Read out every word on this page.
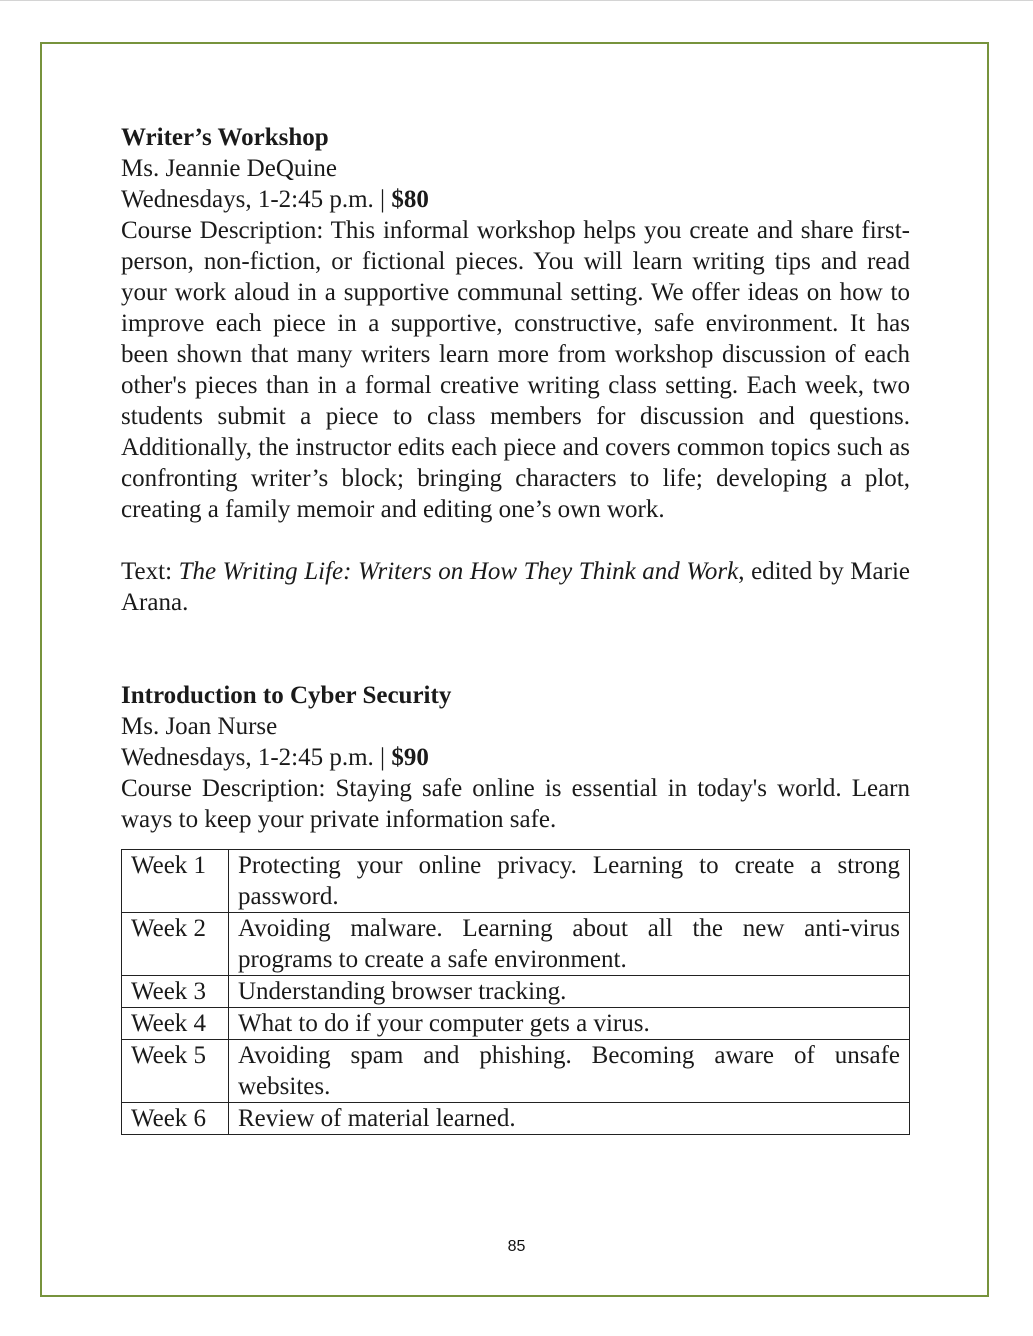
Writer’s Workshop

Ms. Jeannie DeQuine

Wednesdays, 1-2:45 p.m. | $80

Course Description: This informal workshop helps you create and share first-person, non-fiction, or fictional pieces. You will learn writing tips and read your work aloud in a supportive communal setting. We offer ideas on how to improve each piece in a supportive, constructive, safe environment. It has been shown that many writers learn more from workshop discussion of each other's pieces than in a formal creative writing class setting. Each week, two students submit a piece to class members for discussion and questions. Additionally, the instructor edits each piece and covers common topics such as confronting writer’s block; bringing characters to life; developing a plot, creating a family memoir and editing one’s own work.

Text: The Writing Life: Writers on How They Think and Work, edited by Marie Arana.

Introduction to Cyber Security

Ms. Joan Nurse

Wednesdays, 1-2:45 p.m. | $90

Course Description: Staying safe online is essential in today's world. Learn ways to keep your private information safe.

Week 1	Protecting your online privacy. Learning to create a strong password.
Week 2	Avoiding malware. Learning about all the new anti-virus programs to create a safe environment.
Week 3	Understanding browser tracking.
Week 4	What to do if your computer gets a virus.
Week 5	Avoiding spam and phishing. Becoming aware of unsafe websites.
Week 6	Review of material learned.
85
